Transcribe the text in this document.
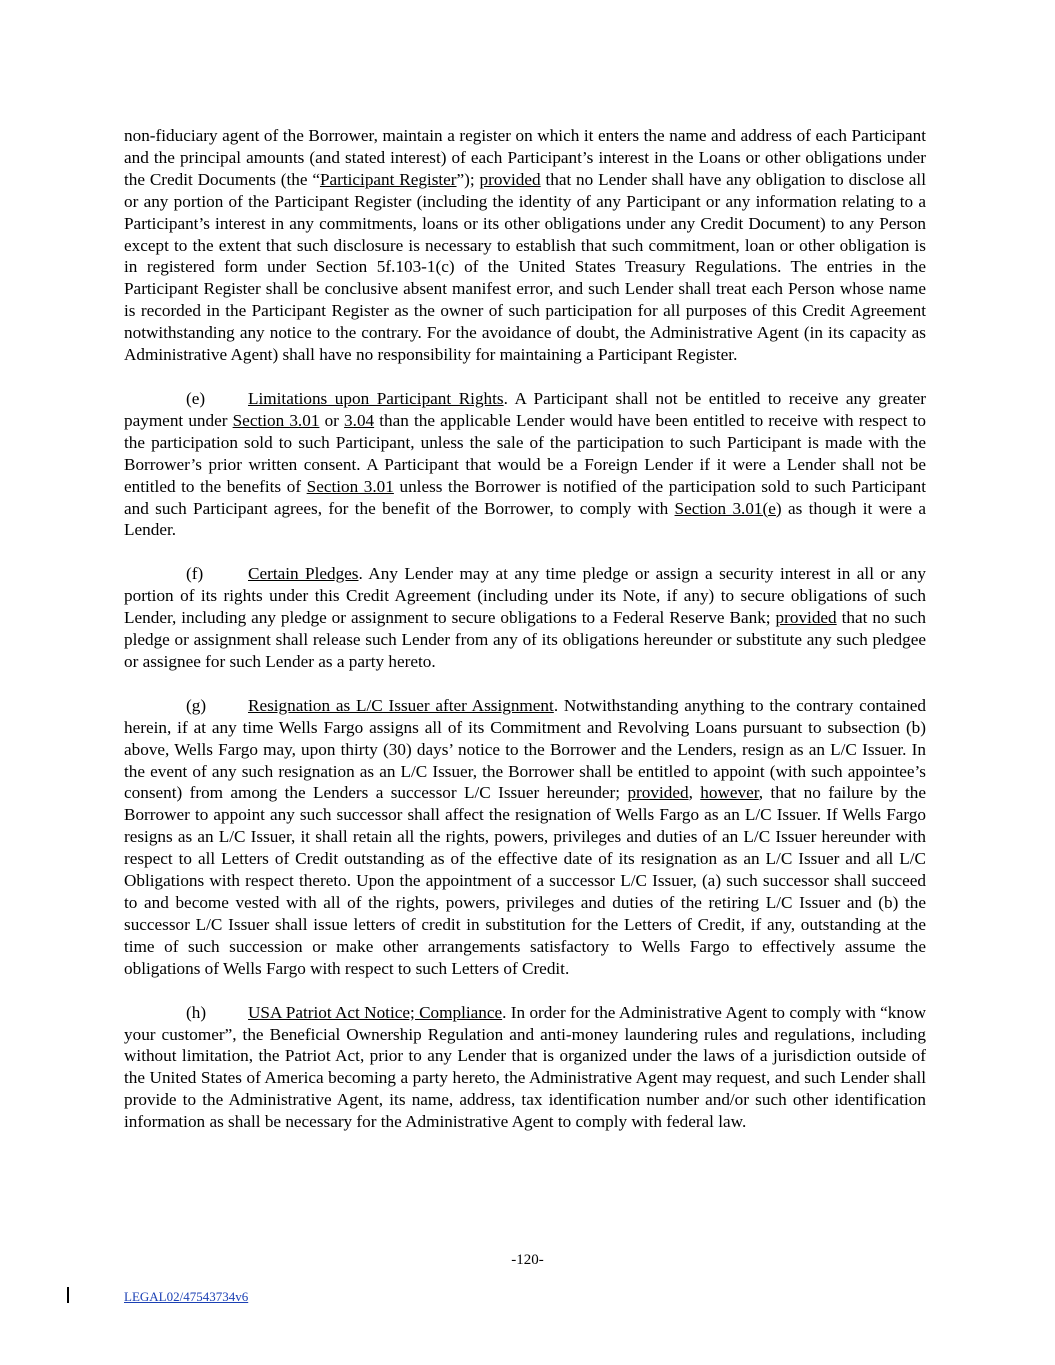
non-fiduciary agent of the Borrower, maintain a register on which it enters the name and address of each Participant and the principal amounts (and stated interest) of each Participant’s interest in the Loans or other obligations under the Credit Documents (the “Participant Register”); provided that no Lender shall have any obligation to disclose all or any portion of the Participant Register (including the identity of any Participant or any information relating to a Participant’s interest in any commitments, loans or its other obligations under any Credit Document) to any Person except to the extent that such disclosure is necessary to establish that such commitment, loan or other obligation is in registered form under Section 5f.103-1(c) of the United States Treasury Regulations. The entries in the Participant Register shall be conclusive absent manifest error, and such Lender shall treat each Person whose name is recorded in the Participant Register as the owner of such participation for all purposes of this Credit Agreement notwithstanding any notice to the contrary. For the avoidance of doubt, the Administrative Agent (in its capacity as Administrative Agent) shall have no responsibility for maintaining a Participant Register.

(e) Limitations upon Participant Rights. A Participant shall not be entitled to receive any greater payment under Section 3.01 or 3.04 than the applicable Lender would have been entitled to receive with respect to the participation sold to such Participant, unless the sale of the participation to such Participant is made with the Borrower’s prior written consent. A Participant that would be a Foreign Lender if it were a Lender shall not be entitled to the benefits of Section 3.01 unless the Borrower is notified of the participation sold to such Participant and such Participant agrees, for the benefit of the Borrower, to comply with Section 3.01(e) as though it were a Lender.

(f)	Certain Pledges. Any Lender may at any time pledge or assign a security interest in all or any portion of its rights under this Credit Agreement (including under its Note, if any) to secure obligations of such Lender, including any pledge or assignment to secure obligations to a Federal Reserve Bank; provided that no such pledge or assignment shall release such Lender from any of its obligations hereunder or substitute any such pledgee or assignee for such Lender as a party hereto.

(g) Resignation as L/C Issuer after Assignment. Notwithstanding anything to the contrary contained herein, if at any time Wells Fargo assigns all of its Commitment and Revolving Loans pursuant to subsection (b) above, Wells Fargo may, upon thirty (30) days’ notice to the Borrower and the Lenders, resign as an L/C Issuer. In the event of any such resignation as an L/C Issuer, the Borrower shall be entitled to appoint (with such appointee’s consent) from among the Lenders a successor L/C Issuer hereunder; provided, however, that no failure by the Borrower to appoint any such successor shall affect the resignation of Wells Fargo as an L/C Issuer. If Wells Fargo resigns as an L/C Issuer, it shall retain all the rights, powers, privileges and duties of an L/C Issuer hereunder with respect to all Letters of Credit outstanding as of the effective date of its resignation as an L/C Issuer and all L/C Obligations with respect thereto. Upon the appointment of a successor L/C Issuer, (a) such successor shall succeed to and become vested with all of the rights, powers, privileges and duties of the retiring L/C Issuer and (b) the successor L/C Issuer shall issue letters of credit in substitution for the Letters of Credit, if any, outstanding at the time of such succession or make other arrangements satisfactory to Wells Fargo to effectively assume the obligations of Wells Fargo with respect to such Letters of Credit.

(h) USA Patriot Act Notice; Compliance. In order for the Administrative Agent to comply with “know your customer”, the Beneficial Ownership Regulation and anti-money laundering rules and regulations, including without limitation, the Patriot Act, prior to any Lender that is organized under the laws of a jurisdiction outside of the United States of America becoming a party hereto, the Administrative Agent may request, and such Lender shall provide to the Administrative Agent, its name, address, tax identification number and/or such other identification information as shall be necessary for the Administrative Agent to comply with federal law.

-120-
LEGAL02/47543734v6
